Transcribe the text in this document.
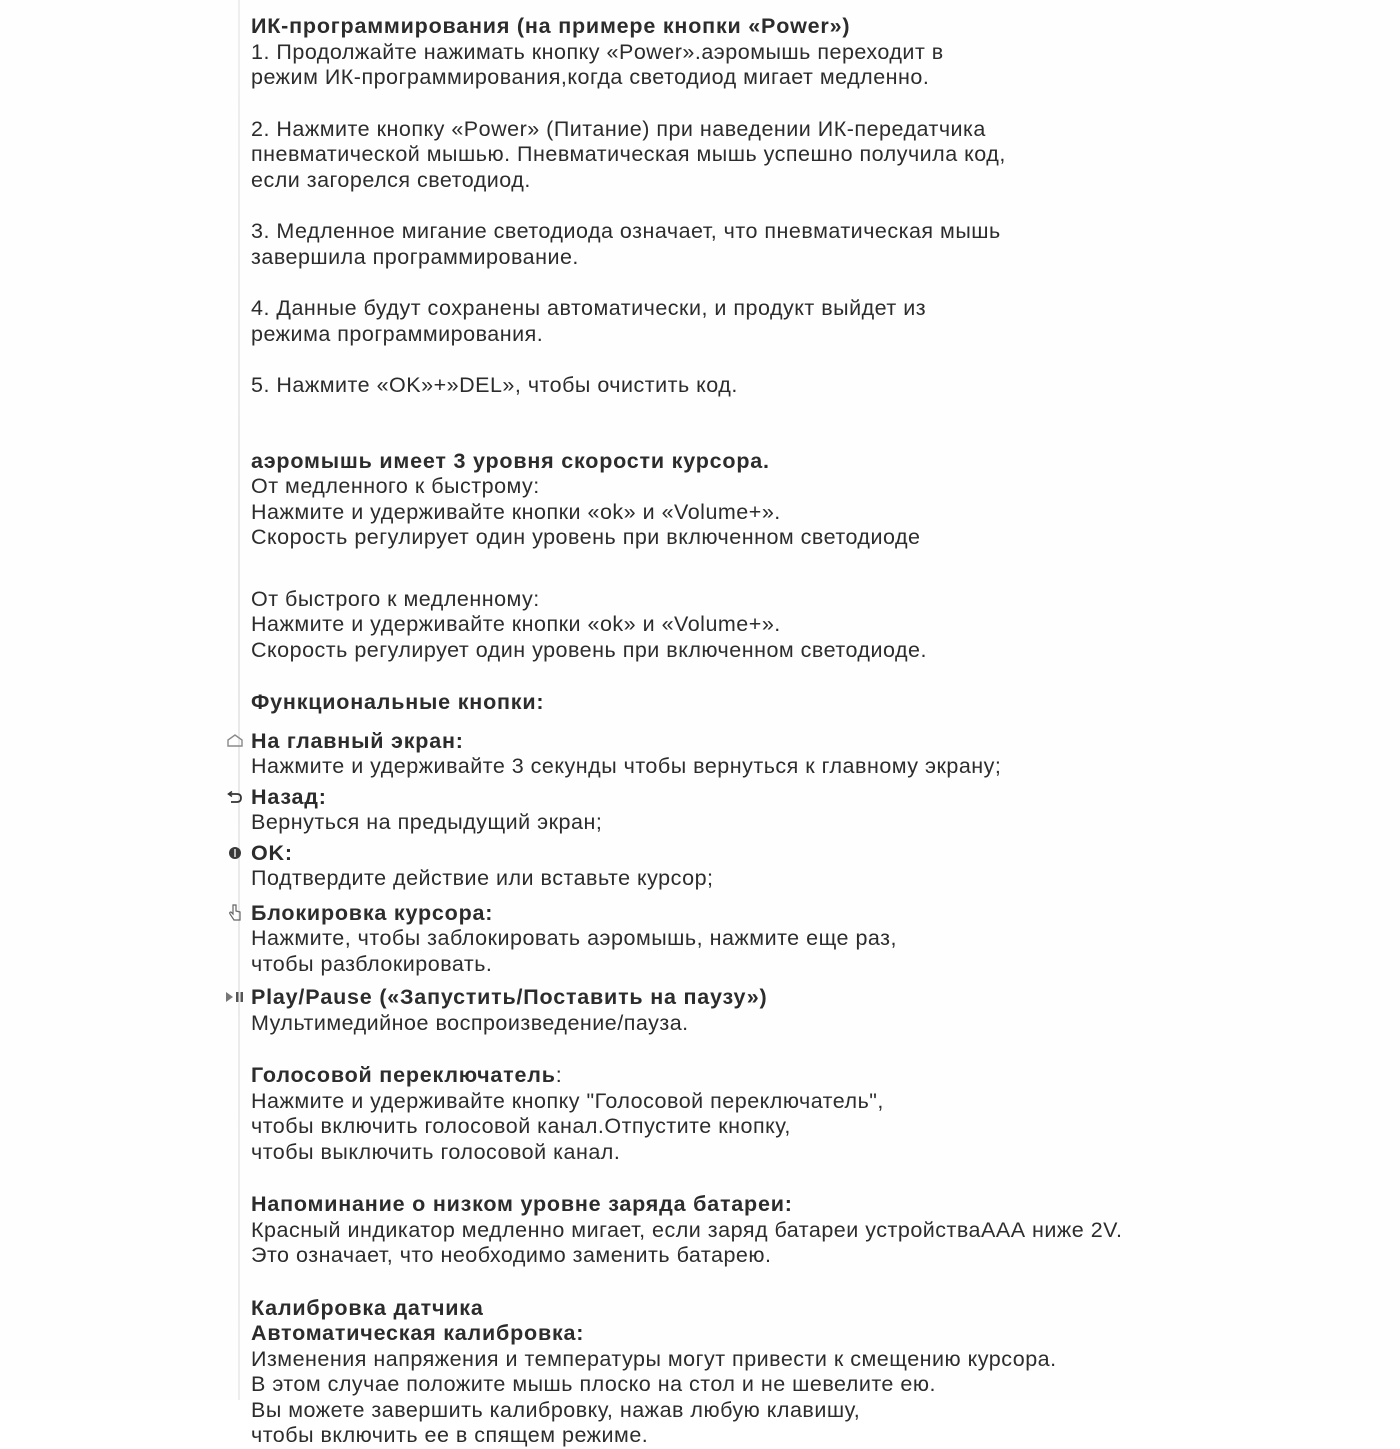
ИК-программирования (на примере кнопки «Power»)
1. Продолжайте нажимать кнопку «Power».аэромышь переходит в
режим ИК-программирования,когда светодиод мигает медленно.
2. Нажмите кнопку «Power» (Питание) при наведении ИК-передатчика
пневматической мышью. Пневматическая мышь успешно получила код,
если загорелся светодиод.
3. Медленное мигание светодиода означает, что пневматическая мышь
завершила программирование.
4. Данные будут сохранены автоматически, и продукт выйдет из
режима программирования.
5. Нажмите «OK»+»DEL», чтобы очистить код.
аэромышь имеет 3 уровня скорости курсора.
От медленного к быстрому:
Нажмите и удерживайте кнопки «ok» и «Volume+».
Скорость регулирует один уровень при включенном светодиоде
От быстрого к медленному:
Нажмите и удерживайте кнопки «ok» и «Volume+».
Скорость регулирует один уровень при включенном светодиоде.
Функциональные кнопки:
На главный экран:
Нажмите и удерживайте 3 секунды чтобы вернуться к главному экрану;
Назад:
Вернуться на предыдущий экран;
OK:
Подтвердите действие или вставьте курсор;
Блокировка курсора:
Нажмите, чтобы заблокировать аэромышь, нажмите еще раз,
чтобы разблокировать.
Play/Pause («Запустить/Поставить на паузу»)
Мультимедийное воспроизведение/пауза.
Голосовой переключатель:
Нажмите и удерживайте кнопку "Голосовой переключатель",
чтобы включить голосовой канал.Отпустите кнопку,
чтобы выключить голосовой канал.
Напоминание о низком уровне заряда батареи:
Красный индикатор медленно мигает, если заряд батареи устройстваААА ниже 2V.
Это означает, что необходимо заменить батарею.
Калибровка датчика
Автоматическая калибровка:
Изменения напряжения и температуры могут привести к смещению курсора.
В этом случае положите мышь плоско на стол и не шевелите ею.
Вы можете завершить калибровку, нажав любую клавишу,
чтобы включить ее в спящем режиме.
